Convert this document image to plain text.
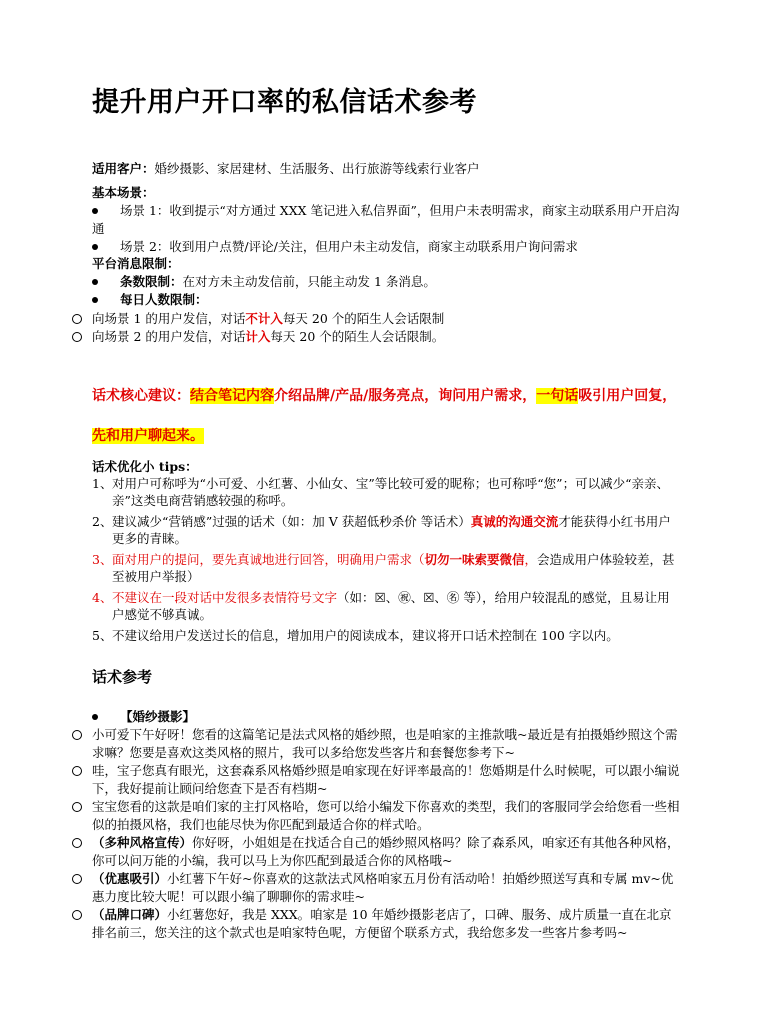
提升用户开口率的私信话术参考
适用客户：婚纱摄影、家居建材、生活服务、出行旅游等线索行业客户
基本场景：
场景 1：收到提示“对方通过 XXX 笔记进入私信界面”，但用户未表明需求，商家主动联系用户开启沟通
场景 2：收到用户点赞/评论/关注，但用户未主动发信，商家主动联系用户询问需求
平台消息限制：
条数限制：在对方未主动发信前，只能主动发 1 条消息。
每日人数限制：
向场景 1 的用户发信，对话不计入每天 20 个的陌生人会话限制
向场景 2 的用户发信，对话计入每天 20 个的陌生人会话限制。
话术核心建议：结合笔记内容介绍品牌/产品/服务亮点，询问用户需求，一句话吸引用户回复，先和用户聊起来。
话术优化小 tips：
1、 对用户可称呼为“小可爱、小红薯、小仙女、宝”等比较可爱的昵称；也可称呼“您”；可以减少“亲亲、亲”这类电商营销感较强的称呼。
2、 建议减少“营销感”过强的话术（如：加 V 获超低秒杀价 等话术）真诚的沟通交流才能获得小红书用户更多的青睐。
3、 面对用户的提问，要先真诚地进行回答，明确用户需求（切勿一味索要微信，会造成用户体验较差，甚至被用户举报）
4、 不建议在一段对话中发很多表情符号文字（如：☒、㊗、☒、㊔ 等），给用户较混乱的感觉，且易让用户感觉不够真诚。
5、 不建议给用户发送过长的信息，增加用户的阅读成本，建议将开口话术控制在 100 字以内。
话术参考
【婚纱摄影】
小可爱下午好呀！您看的这篇笔记是法式风格的婚纱照，也是咱家的主推款哦~最近是有拍摄婚纱照这个需求嘛？您要是喜欢这类风格的照片，我可以多给您发些客片和套餐您参考下~
哇，宝子您真有眼光，这套森系风格婚纱照是咱家现在好评率最高的！您婚期是什么时候呢，可以跟小编说下，我好提前让顾问给您查下是否有档期~
宝宝您看的这款是咱们家的主打风格哈，您可以给小编发下你喜欢的类型，我们的客服同学会给您看一些相似的拍摄风格，我们也能尽快为你匹配到最适合你的样式哈。
（多种风格宣传）你好呀，小姐姐是在找适合自己的婚纱照风格吗？除了森系风，咱家还有其他各种风格，你可以问万能的小编，我可以马上为你匹配到最适合你的风格哦~
（优惠吸引）小红薯下午好~你喜欢的这款法式风格咱家五月份有活动哈！拍婚纱照送写真和专属 mv~优惠力度比较大呢！可以跟小编了聊聊你的需求哇~
（品牌口碑）小红薯您好，我是 XXX。咱家是 10 年婚纱摄影老店了，口碑、服务、成片质量一直在北京排名前三，您关注的这个款式也是咱家特色呢，方便留个联系方式，我给您多发一些客片参考吗~
